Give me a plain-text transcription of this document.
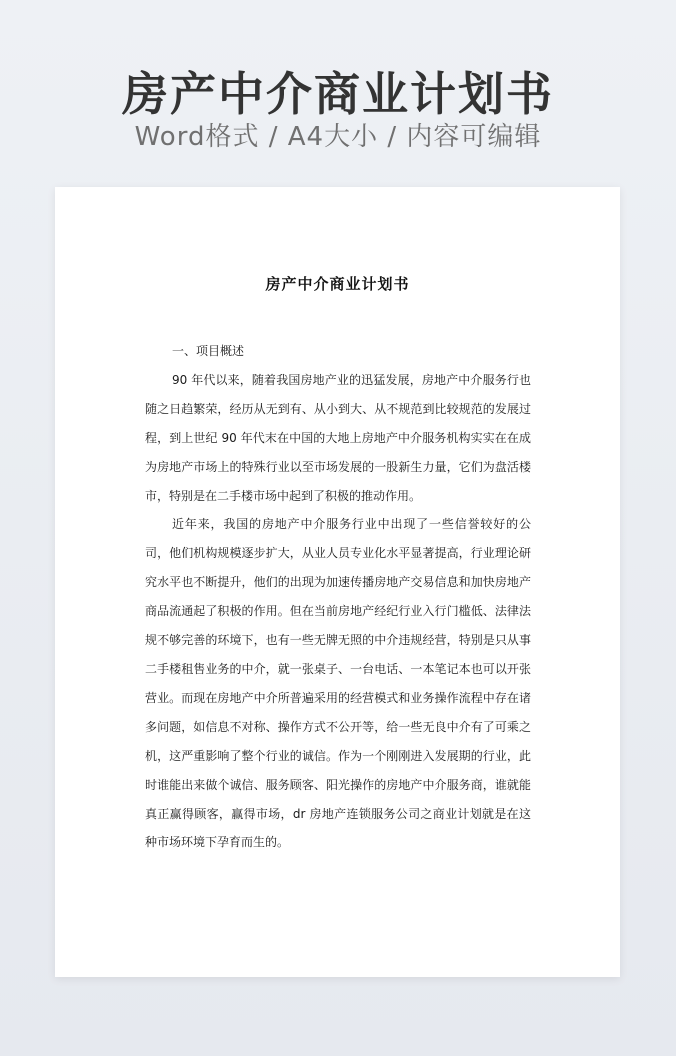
房产中介商业计划书
Word格式 / A4大小 / 内容可编辑
房产中介商业计划书

一、项目概述

90 年代以来，随着我国房地产业的迅猛发展，房地产中介服务行也随之日趋繁荣，经历从无到有、从小到大、从不规范到比较规范的发展过程，到上世纪 90 年代末在中国的大地上房地产中介服务机构实实在在成为房地产市场上的特殊行业以至市场发展的一股新生力量，它们为盘活楼市，特别是在二手楼市场中起到了积极的推动作用。

近年来，我国的房地产中介服务行业中出现了一些信誉较好的公司，他们机构规模逐步扩大，从业人员专业化水平显著提高，行业理论研究水平也不断提升，他们的出现为加速传播房地产交易信息和加快房地产商品流通起了积极的作用。但在当前房地产经纪行业入行门槛低、法律法规不够完善的环境下，也有一些无牌无照的中介违规经营，特别是只从事二手楼租售业务的中介，就一张桌子、一台电话、一本笔记本也可以开张营业。而现在房地产中介所普遍采用的经营模式和业务操作流程中存在诸多问题，如信息不对称、操作方式不公开等，给一些无良中介有了可乘之机，这严重影响了整个行业的诚信。作为一个刚刚进入发展期的行业，此时谁能出来做个诚信、服务顾客、阳光操作的房地产中介服务商，谁就能真正赢得顾客，赢得市场，dr 房地产连锁服务公司之商业计划就是在这种市场环境下孕育而生的。
